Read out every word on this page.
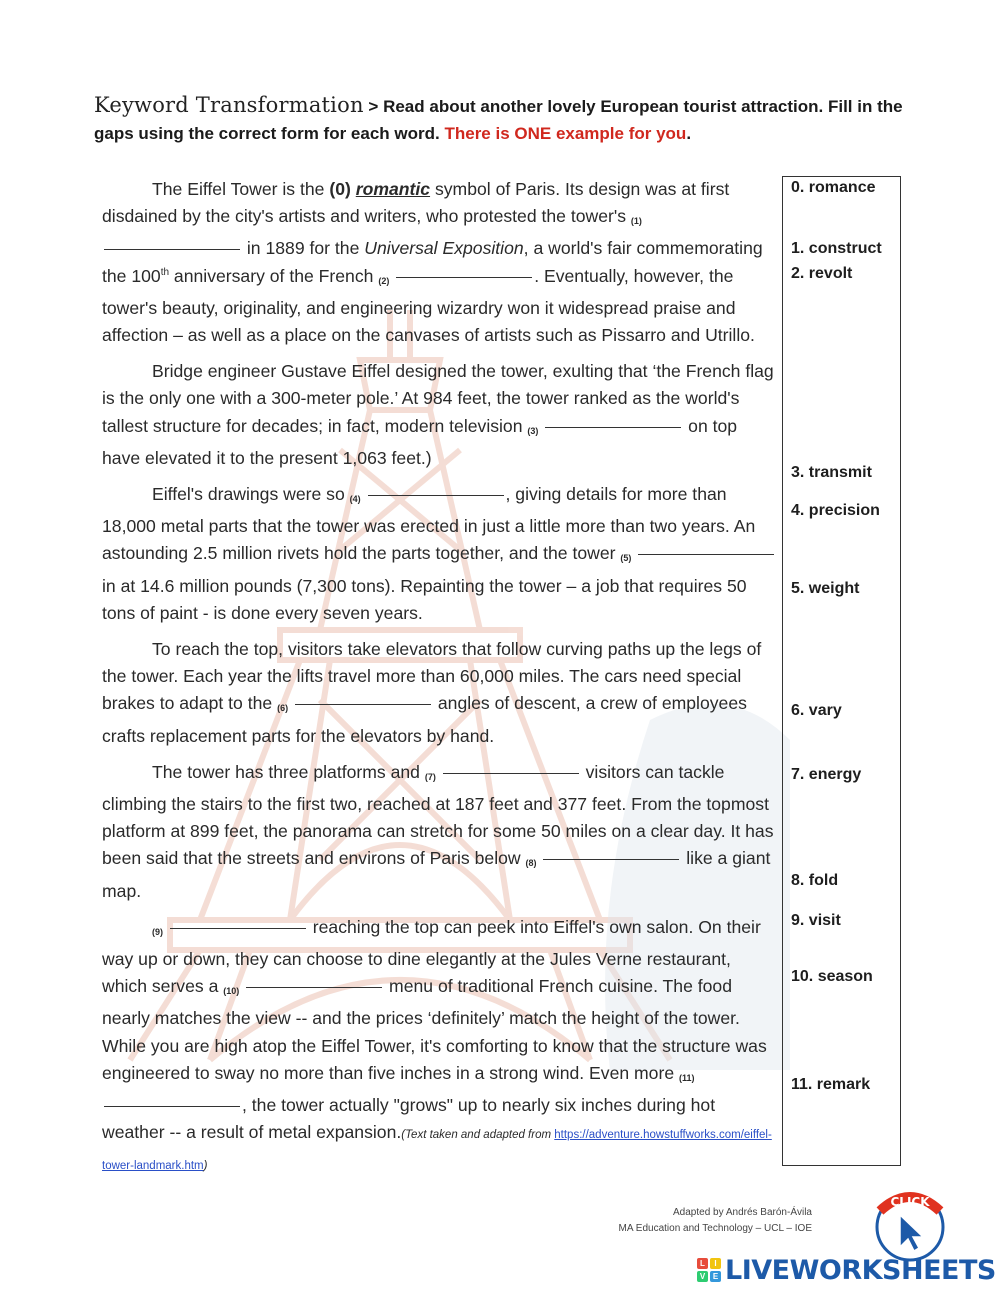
Keyword Transformation > Read about another lovely European tourist attraction. Fill in the gaps using the correct form for each word. There is ONE example for you.

The Eiffel Tower is the (0) romantic symbol of Paris. Its design was at first disdained by the city's artists and writers, who protested the tower's (1)  in 1889 for the Universal Exposition, a world's fair commemorating the 100th anniversary of the French (2)	. Eventually, however, the tower's beauty, originality, and engineering wizardry won it widespread praise and affection – as well as a place on the canvases of artists such as Pissarro and Utrillo.

Bridge engineer Gustave Eiffel designed the tower, exulting that ‘the French flag is the only one with a 300-meter pole.’ At 984 feet, the tower ranked as the world's tallest structure for decades; in fact, modern television (3)	on top have elevated it to the present 1,063 feet.)

Eiffel's drawings were so (4)	, giving details for more than 18,000 metal parts that the tower was erected in just a little more than two years. An astounding 2.5 million rivets hold the parts together, and the tower (5)  in at 14.6 million pounds (7,300 tons). Repainting the tower – a job that requires 50 tons of paint - is done every seven years.

To reach the top, visitors take elevators that follow curving paths up the legs of the tower. Each year the lifts travel more than 60,000 miles. The cars need special brakes to adapt to the (6)	angles of descent, a crew of employees crafts replacement parts for the elevators by hand.

The tower has three platforms and (7)	visitors can tackle climbing the stairs to the first two, reached at 187 feet and 377 feet. From the topmost platform at 899 feet, the panorama can stretch for some 50 miles on a clear day. It has been said that the streets and environs of Paris below (8)	like a giant map.

(9)	reaching the top can peek into Eiffel's own salon. On their way up or down, they can choose to dine elegantly at the Jules Verne restaurant, which serves a (10)	menu of traditional French cuisine. The food nearly matches the view -- and the prices ‘definitely’ match the height of the tower. While you are high atop the Eiffel Tower, it's comforting to know that the structure was engineered to sway no more than five inches in a strong wind. Even more (11) , the tower actually "grows" up to nearly six inches during hot weather -- a result of metal expansion.(Text taken and adapted from https://adventure.howstuffworks.com/eiffel-tower-landmark.htm)

0. romance
1. construct
2. revolt
3. transmit
4. precision
5. weight
6. vary
7. energy
8. fold
9. visit
10. season
11. remark
Adapted by Andrés Barón-Ávila
MA Education and Technology – UCL – IOE
CLICK
L	I
V E LIVEWORKSHEETS
